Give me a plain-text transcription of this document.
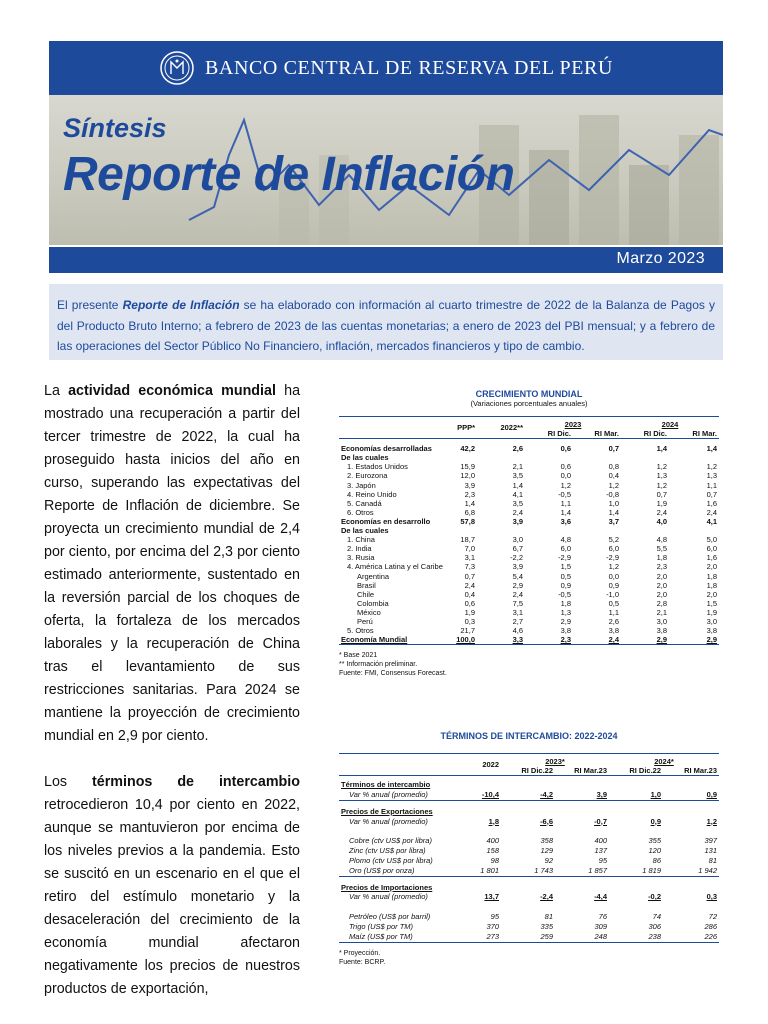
BANCO CENTRAL DE RESERVA DEL PERÚ
Síntesis
Reporte de Inflación
Marzo 2023

El presente Reporte de Inflación se ha elaborado con información al cuarto trimestre de 2022 de la Balanza de Pagos y del Producto Bruto Interno; a febrero de 2023 de las cuentas monetarias; a enero de 2023 del PBI mensual; y a febrero de las operaciones del Sector Público No Financiero, inflación, mercados financieros y tipo de cambio.

La actividad económica mundial ha mostrado una recuperación a partir del tercer trimestre de 2022, la cual ha proseguido hasta inicios del año en curso, superando las expectativas del Reporte de Inflación de diciembre. Se proyecta un crecimiento mundial de 2,4 por ciento, por encima del 2,3 por ciento estimado anteriormente, sustentado en la reversión parcial de los choques de oferta, la fortaleza de los mercados laborales y la recuperación de China tras el levantamiento de sus restricciones sanitarias. Para 2024 se mantiene la proyección de crecimiento mundial en 2,9 por ciento.

Los términos de intercambio retrocedieron 10,4 por ciento en 2022, aunque se mantuvieron por encima de los niveles previos a la pandemia. Esto se suscitó en un escenario en el que el retiro del estímulo monetario y la desaceleración del crecimiento de la economía mundial afectaron negativamente los precios de nuestros productos de exportación,

CRECIMIENTO MUNDIAL
(Variaciones porcentuales anuales)
	PPP*	2022**	2023		2024	
			RI Dic.	RI Mar.	RI Dic.	RI Mar.
Economías desarrolladas	42,2	2,6	0,6	0,7	1,4	1,4
De las cuales						
1. Estados Unidos	15,9	2,1	0,6	0,8	1,2	1,2
2. Eurozona	12,0	3,5	0,0	0,4	1,3	1,3
3. Japón	3,9	1,4	1,2	1,2	1,2	1,1
4. Reino Unido	2,3	4,1	-0,5	-0,8	0,7	0,7
5. Canadá	1,4	3,5	1,1	1,0	1,9	1,6
6. Otros	6,8	2,4	1,4	1,4	2,4	2,4
Economías en desarrollo	57,8	3,9	3,6	3,7	4,0	4,1
De las cuales						
1. China	18,7	3,0	4,8	5,2	4,8	5,0
2. India	7,0	6,7	6,0	6,0	5,5	6,0
3. Rusia	3,1	-2,2	-2,9	-2,9	1,8	1,6
4. América Latina y el Caribe	7,3	3,9	1,5	1,2	2,3	2,0
Argentina	0,7	5,4	0,5	0,0	2,0	1,8
Brasil	2,4	2,9	0,9	0,9	2,0	1,8
Chile	0,4	2,4	-0,5	-1,0	2,0	2,0
Colombia	0,6	7,5	1,8	0,5	2,8	1,5
México	1,9	3,1	1,3	1,1	2,1	1,9
Perú	0,3	2,7	2,9	2,6	3,0	3,0
5. Otros	21,7	4,6	3,8	3,8	3,8	3,8
Economía Mundial	100,0	3,3	2,3	2,4	2,9	2,9
* Base 2021
** Información preliminar.
Fuente: FMI, Consensus Forecast.
TÉRMINOS DE INTERCAMBIO: 2022-2024
	2022	2023*		2024*	
		RI Dic.22	RI Mar.23	RI Dic.22	RI Mar.23
Términos de intercambio					
Var % anual (promedio)	-10,4	-4,2	3,9	1,0	0,9
Precios de Exportaciones					
Var % anual (promedio)	1,8	-6,6	-0,7	0,9	1,2
Cobre (ctv US$ por libra)	400	358	400	355	397
Zinc (ctv US$ por libra)	158	129	137	120	131
Plomo (ctv US$ por libra)	98	92	95	86	81
Oro (US$ por onza)	1 801	1 743	1 857	1 819	1 942
Precios de Importaciones					
Var % anual (promedio)	13,7	-2,4	-4,4	-0,2	0,3
Petróleo (US$ por barril)	95	81	76	74	72
Trigo (US$ por TM)	370	335	309	306	286
Maíz (US$ por TM)	273	259	248	238	226
* Proyección.
Fuente: BCRP.
